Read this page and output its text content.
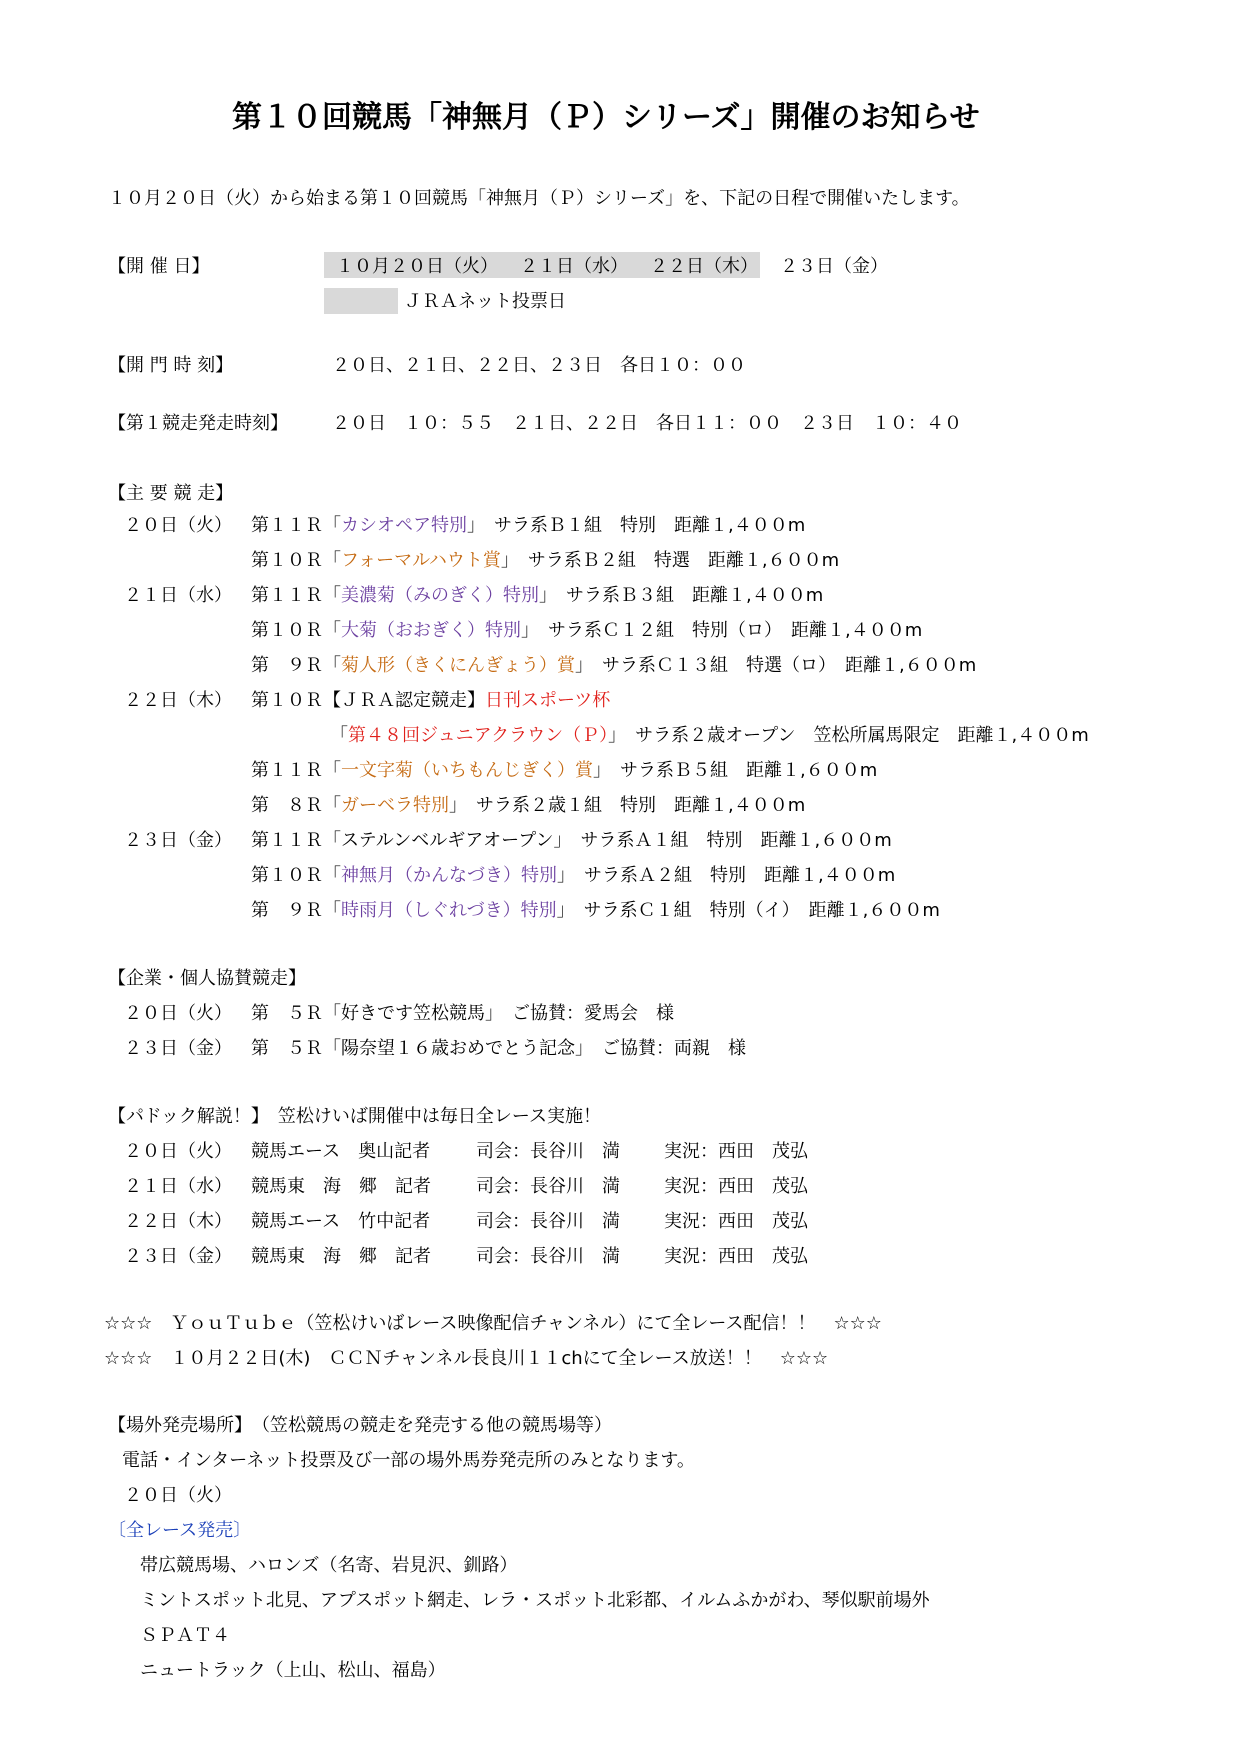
第１０回競馬「神無月（Ｐ）シリーズ」開催のお知らせ
１０月２０日（火）から始まる第１０回競馬「神無月（Ｐ）シリーズ」を、下記の日程で開催いたします。
【開 催 日】	１０月２０日（火） ２１日（水） ２２日（木） ２３日（金）
ＪＲＡネット投票日
【開 門 時 刻】	２０日、２１日、２２日、２３日　各日１０：００
【第１競走発走時刻】 ２０日　１０：５５　２１日、２２日　各日１１：００　２３日　１０：４０
【主 要 競 走】
２０日（火） 第１１Ｒ「カシオペア特別」　 サラ系Ｂ１組　特別　距離１,４００m
第１０Ｒ「フォーマルハウト賞」　 サラ系Ｂ２組　特選　距離１,６００m
２１日（水） 第１１Ｒ「美濃菊（みのぎく）特別」　 サラ系Ｂ３組　距離１,４００m
第１０Ｒ「大菊（おおぎく）特別」　 サラ系Ｃ１２組　特別（ロ）　距離１,４００m
第　９Ｒ「菊人形（きくにんぎょう）賞」　 サラ系Ｃ１３組　特選（ロ）　距離１,６００m
２２日（木） 第１０Ｒ【ＪＲＡ認定競走】日刊スポーツ杯
「第４８回ジュニアクラウン（Ｐ）」　 サラ系２歳オープン　笠松所属馬限定　距離１,４００m
第１１Ｒ「一文字菊（いちもんじぎく）賞」　 サラ系Ｂ５組　距離１,６００m
第　８Ｒ「ガーベラ特別」　 サラ系２歳１組　特別　距離１,４００m
２３日（金） 第１１Ｒ「ステルンベルギアオープン」　 サラ系Ａ１組　特別　距離１,６００m
第１０Ｒ「神無月（かんなづき）特別」　 サラ系Ａ２組　特別　距離１,４００m
第　９Ｒ「時雨月（しぐれづき）特別」　 サラ系Ｃ１組　特別（イ）　距離１,６００m
【企業・個人協賛競走】
２０日（火） 第　５Ｒ「好きです笠松競馬」　ご協賛：愛馬会　様
２３日（金） 第　５Ｒ「陽奈望１６歳おめでとう記念」　ご協賛：両親　様
【パドック解説！】　笠松けいば開催中は毎日全レース実施！
２０日（火） 競馬エース　奥山記者	司会：長谷川　満 実況：西田　茂弘
２１日（水） 競馬東　海　郷　記者	司会：長谷川　満 実況：西田　茂弘
２２日（木） 競馬エース　竹中記者	司会：長谷川　満 実況：西田　茂弘
２３日（金） 競馬東　海　郷　記者	司会：長谷川　満 実況：西田　茂弘
☆☆☆　ＹｏｕＴｕｂｅ（笠松けいばレース映像配信チャンネル）にて全レース配信！！　☆☆☆
☆☆☆　１０月２２日(木)　ＣＣＮチャンネル長良川１１chにて全レース放送！！　☆☆☆
【場外発売場所】　（笠松競馬の競走を発売する他の競馬場等）
電話・インターネット投票及び一部の場外馬券発売所のみとなります。
２０日（火）
〔全レース発売〕
帯広競馬場、ハロンズ（名寄、岩見沢、釧路）
ミントスポット北見、アプスポット網走、レラ・スポット北彩都、イルムふかがわ、琴似駅前場外
ＳＰＡＴ４
ニュートラック（上山、松山、福島）
